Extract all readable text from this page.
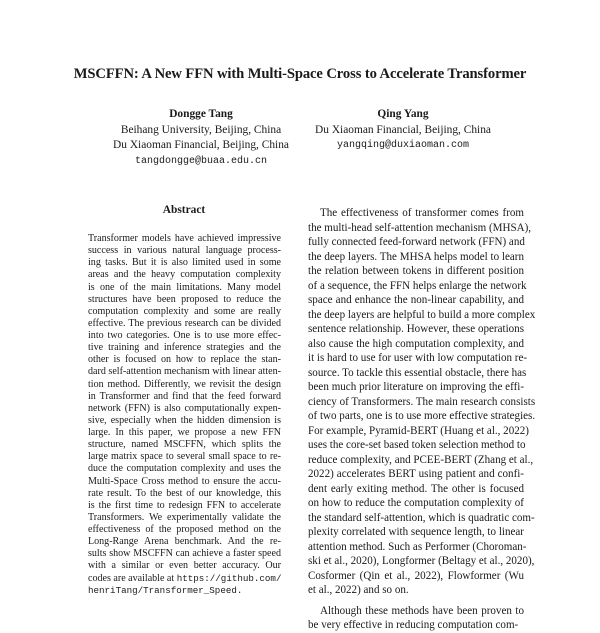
MSCFFN: A New FFN with Multi-Space Cross to Accelerate Transformer
Dongge Tang
Beihang University, Beijing, China
Du Xiaoman Financial, Beijing, China
tangdongge@buaa.edu.cn
Qing Yang
Du Xiaoman Financial, Beijing, China
yangqing@duxiaoman.com
Abstract
Transformer models have achieved impressive
success in various natural language process-
ing tasks. But it is also limited used in some
areas and the heavy computation complexity
is one of the main limitations. Many model
structures have been proposed to reduce the
computation complexity and some are really
effective. The previous research can be divided
into two categories. One is to use more effec-
tive training and inference strategies and the
other is focused on how to replace the stan-
dard self-attention mechanism with linear atten-
tion method. Differently, we revisit the design
in Transformer and find that the feed forward
network (FFN) is also computationally expen-
sive, especially when the hidden dimension is
large. In this paper, we propose a new FFN
structure, named MSCFFN, which splits the
large matrix space to several small space to re-
duce the computation complexity and uses the
Multi-Space Cross method to ensure the accu-
rate result. To the best of our knowledge, this
is the first time to redesign FFN to accelerate
Transformers. We experimentally validate the
effectiveness of the proposed method on the
Long-Range Arena benchmark. And the re-
sults show MSCFFN can achieve a faster speed
with a similar or even better accuracy. Our
codes are available at https://github.com/
henriTang/Transformer_Speed.

The effectiveness of transformer comes from
the multi-head self-attention mechanism (MHSA),
fully connected feed-forward network (FFN) and
the deep layers. The MHSA helps model to learn
the relation between tokens in different position
of a sequence, the FFN helps enlarge the network
space and enhance the non-linear capability, and
the deep layers are helpful to build a more complex
sentence relationship. However, these operations
also cause the high computation complexity, and
it is hard to use for user with low computation re-
source. To tackle this essential obstacle, there has
been much prior literature on improving the effi-
ciency of Transformers. The main research consists
of two parts, one is to use more effective strategies.
For example, Pyramid-BERT (Huang et al., 2022)
uses the core-set based token selection method to
reduce complexity, and PCEE-BERT (Zhang et al.,
2022) accelerates BERT using patient and confi-
dent early exiting method. The other is focused
on how to reduce the computation complexity of
the standard self-attention, which is quadratic com-
plexity correlated with sequence length, to linear
attention method. Such as Performer (Choroman-
ski et al., 2020), Longformer (Beltagy et al., 2020),
Cosformer (Qin et al., 2022), Flowformer (Wu
et al., 2022) and so on.

Although these methods have been proven to
be very effective in reducing computation com-
